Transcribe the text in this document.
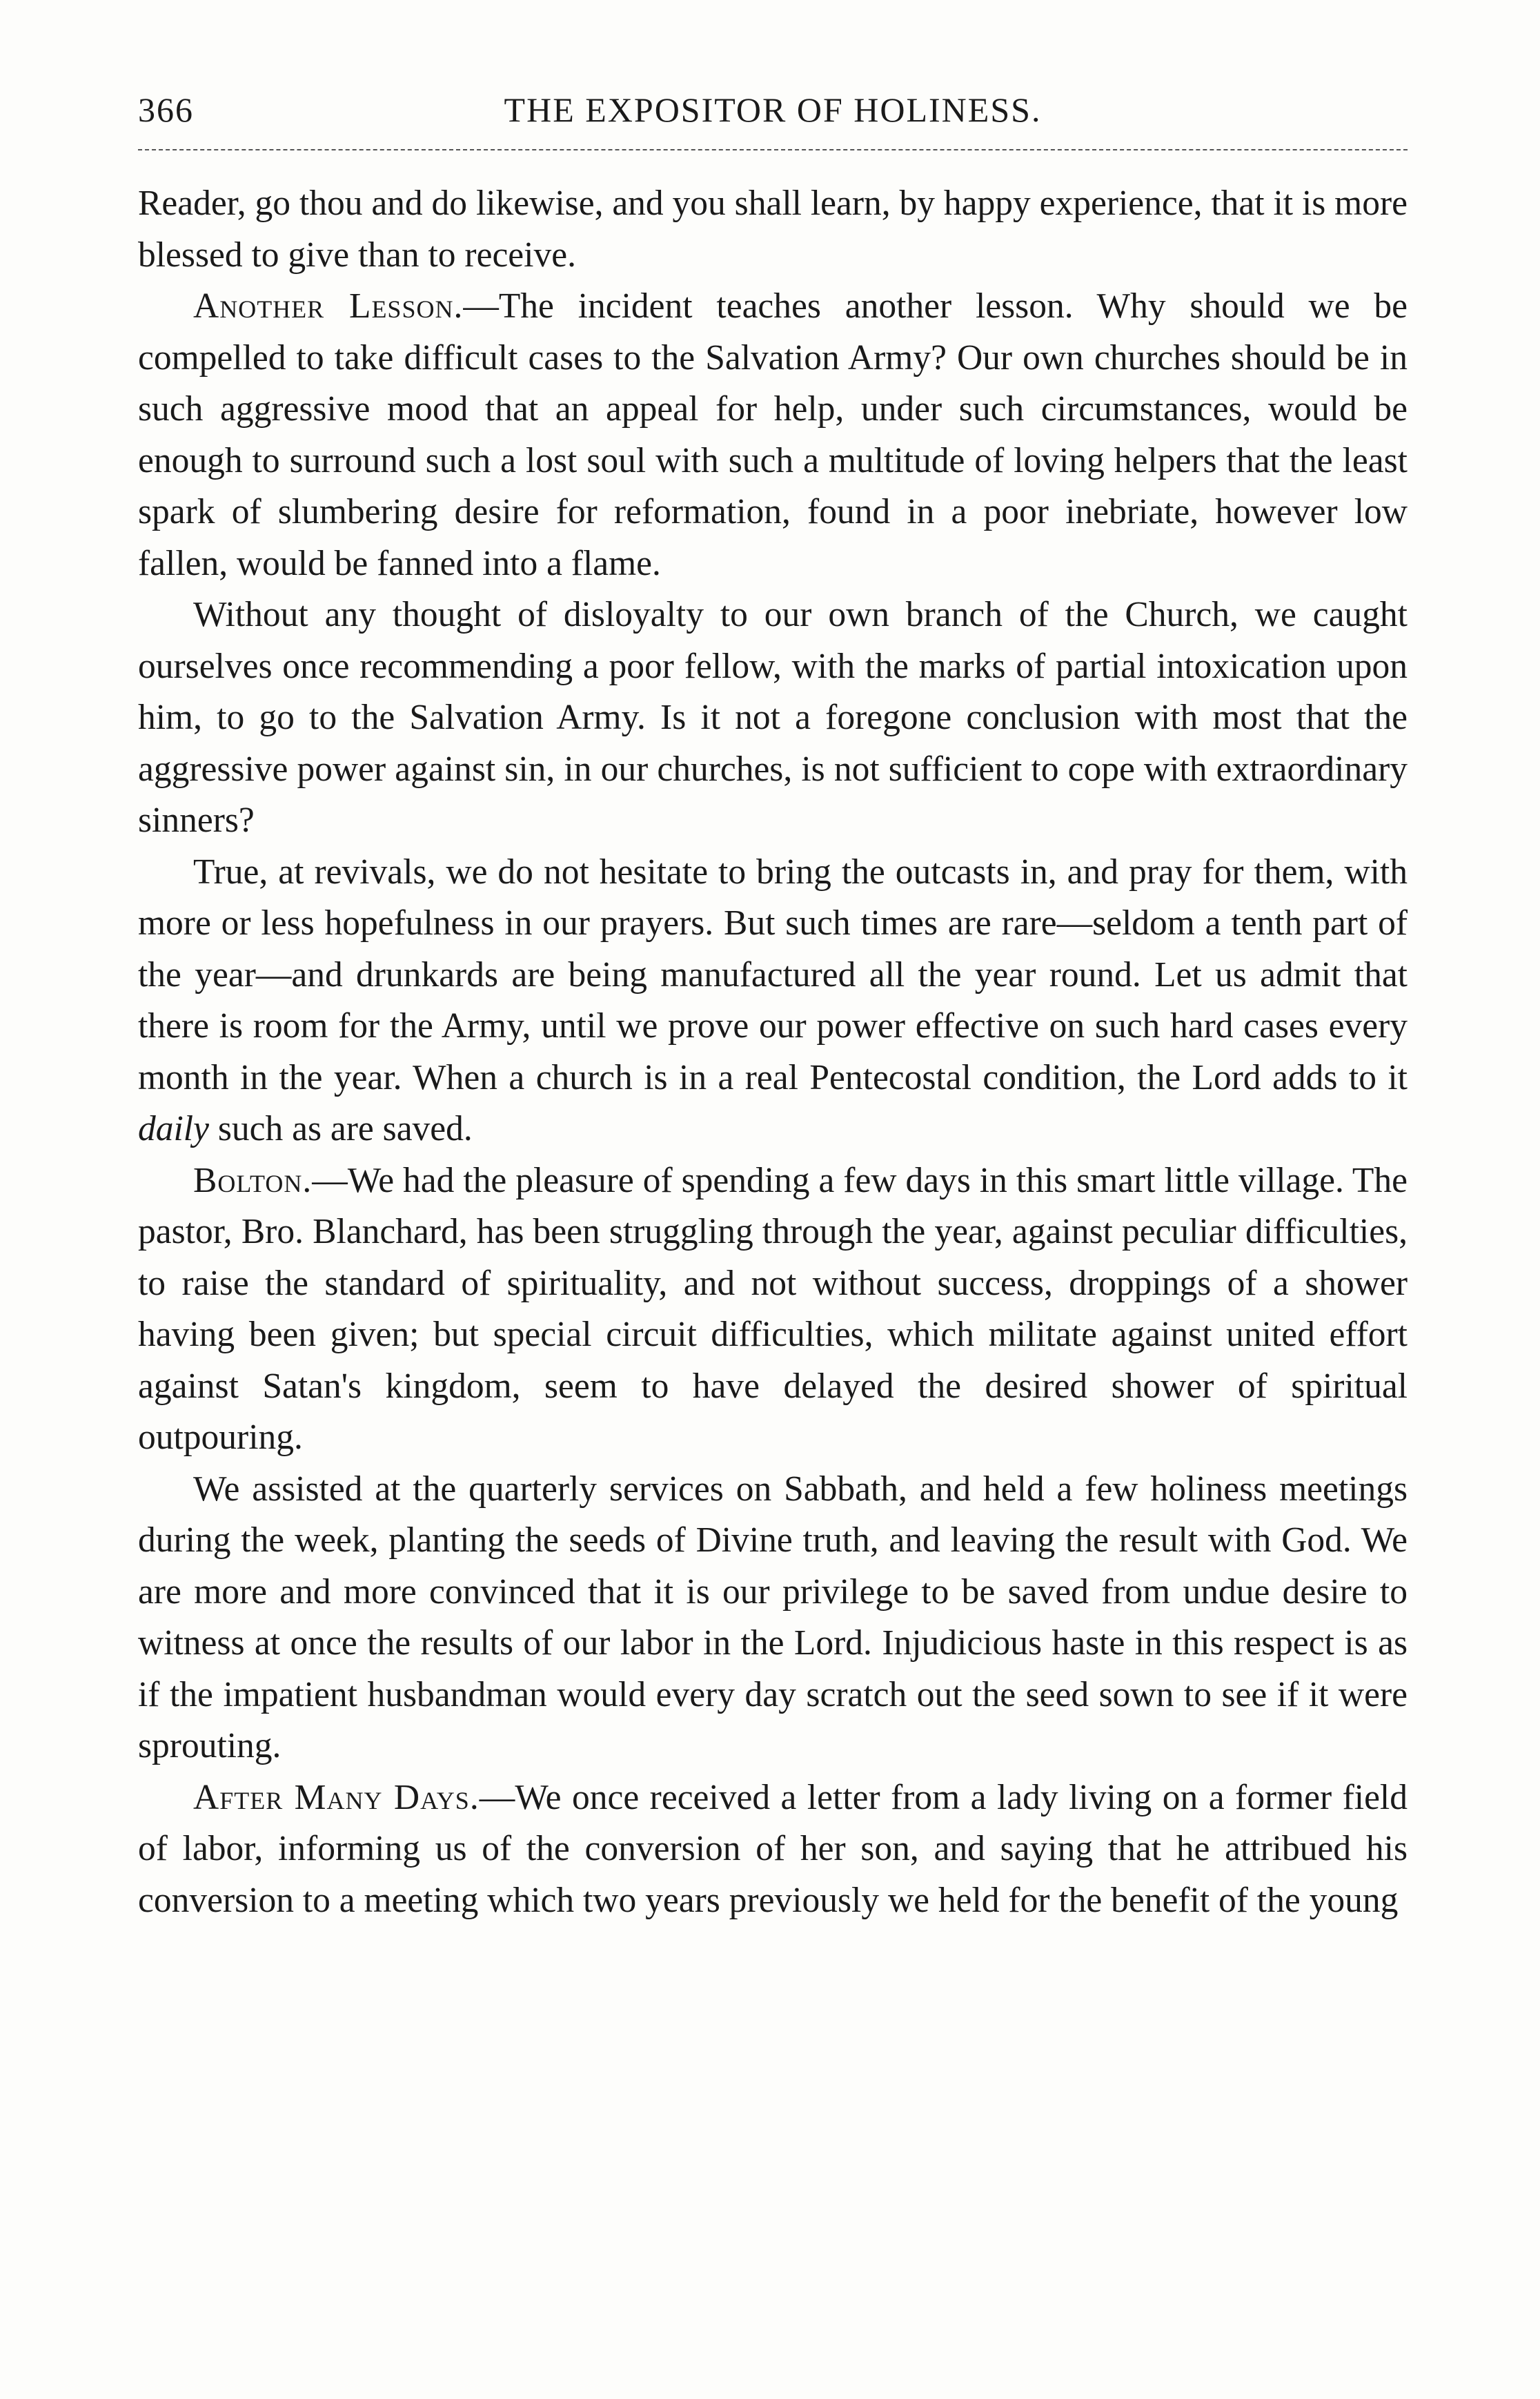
366	THE EXPOSITOR OF HOLINESS.

Reader, go thou and do likewise, and you shall learn, by happy experience, that it is more blessed to give than to receive.

Another Lesson.—The incident teaches another lesson. Why should we be compelled to take difficult cases to the Salvation Army? Our own churches should be in such aggressive mood that an appeal for help, under such circumstances, would be enough to surround such a lost soul with such a multitude of loving helpers that the least spark of slumbering desire for reformation, found in a poor inebriate, however low fallen, would be fanned into a flame.

Without any thought of disloyalty to our own branch of the Church, we caught ourselves once recommending a poor fellow, with the marks of partial intoxication upon him, to go to the Salvation Army. Is it not a foregone conclusion with most that the aggressive power against sin, in our churches, is not sufficient to cope with extraordinary sinners?

True, at revivals, we do not hesitate to bring the outcasts in, and pray for them, with more or less hopefulness in our prayers. But such times are rare—seldom a tenth part of the year—and drunkards are being manufactured all the year round. Let us admit that there is room for the Army, until we prove our power effective on such hard cases every month in the year. When a church is in a real Pentecostal condition, the Lord adds to it daily such as are saved.

Bolton.—We had the pleasure of spending a few days in this smart little village. The pastor, Bro. Blanchard, has been struggling through the year, against peculiar difficulties, to raise the standard of spirituality, and not without success, droppings of a shower having been given; but special circuit difficulties, which militate against united effort against Satan's kingdom, seem to have delayed the desired shower of spiritual outpouring.

We assisted at the quarterly services on Sabbath, and held a few holiness meetings during the week, planting the seeds of Divine truth, and leaving the result with God. We are more and more convinced that it is our privilege to be saved from undue desire to witness at once the results of our labor in the Lord. Injudicious haste in this respect is as if the impatient husbandman would every day scratch out the seed sown to see if it were sprouting.

After Many Days.—We once received a letter from a lady living on a former field of labor, informing us of the conversion of her son, and saying that he attribued his conversion to a meeting which two years previously we held for the benefit of the young
